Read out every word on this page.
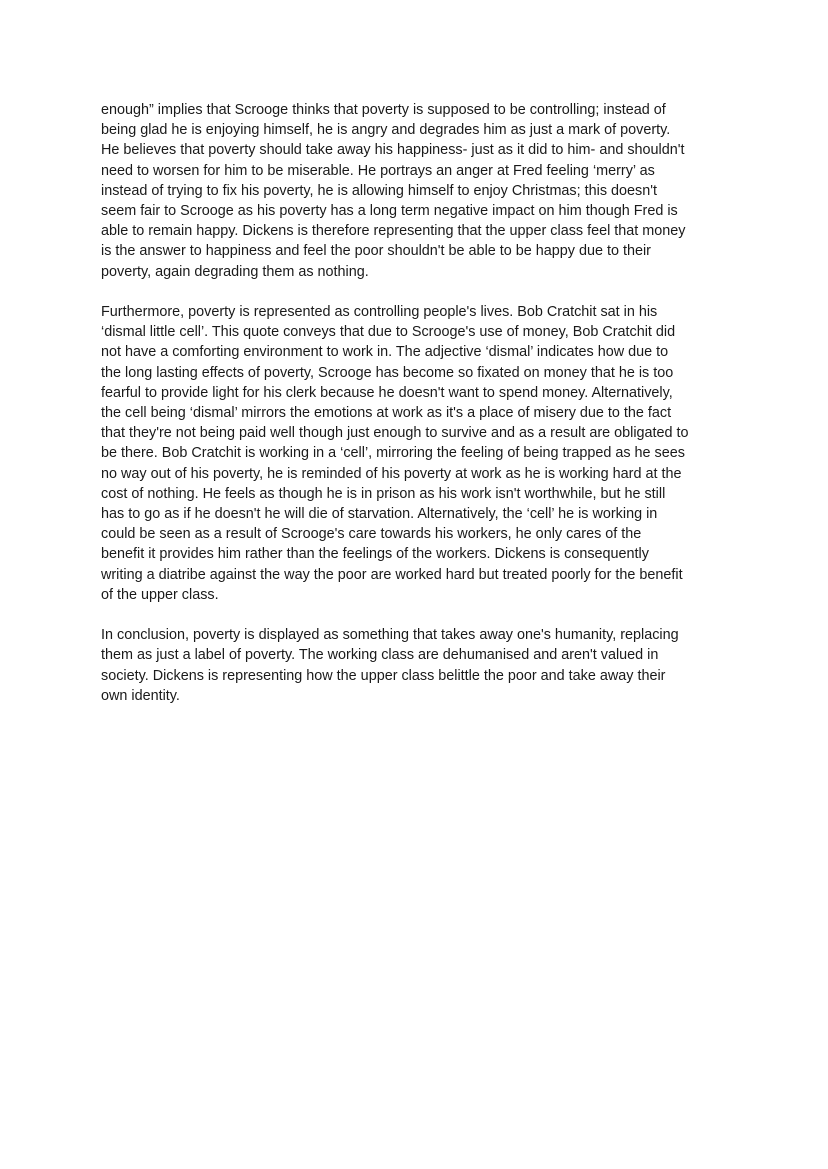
enough” implies that Scrooge thinks that poverty is supposed to be controlling; instead of
being glad he is enjoying himself, he is angry and degrades him as just a mark of poverty.
He believes that poverty should take away his happiness- just as it did to him- and shouldn't
need to worsen for him to be miserable. He portrays an anger at Fred feeling ‘merry’ as
instead of trying to fix his poverty, he is allowing himself to enjoy Christmas; this doesn't
seem fair to Scrooge as his poverty has a long term negative impact on him though Fred is
able to remain happy. Dickens is therefore representing that the upper class feel that money
is the answer to happiness and feel the poor shouldn't be able to be happy due to their
poverty, again degrading them as nothing.

Furthermore, poverty is represented as controlling people's lives. Bob Cratchit sat in his
‘dismal little cell’. This quote conveys that due to Scrooge's use of money, Bob Cratchit did
not have a comforting environment to work in. The adjective ‘dismal’ indicates how due to
the long lasting effects of poverty, Scrooge has become so fixated on money that he is too
fearful to provide light for his clerk because he doesn't want to spend money. Alternatively,
the cell being ‘dismal’ mirrors the emotions at work as it's a place of misery due to the fact
that they're not being paid well though just enough to survive and as a result are obligated to
be there. Bob Cratchit is working in a ‘cell’, mirroring the feeling of being trapped as he sees
no way out of his poverty, he is reminded of his poverty at work as he is working hard at the
cost of nothing. He feels as though he is in prison as his work isn't worthwhile, but he still
has to go as if he doesn't he will die of starvation. Alternatively, the ‘cell’ he is working in
could be seen as a result of Scrooge's care towards his workers, he only cares of the
benefit it provides him rather than the feelings of the workers. Dickens is consequently
writing a diatribe against the way the poor are worked hard but treated poorly for the benefit
of the upper class.

In conclusion, poverty is displayed as something that takes away one's humanity, replacing
them as just a label of poverty. The working class are dehumanised and aren't valued in
society. Dickens is representing how the upper class belittle the poor and take away their
own identity.
